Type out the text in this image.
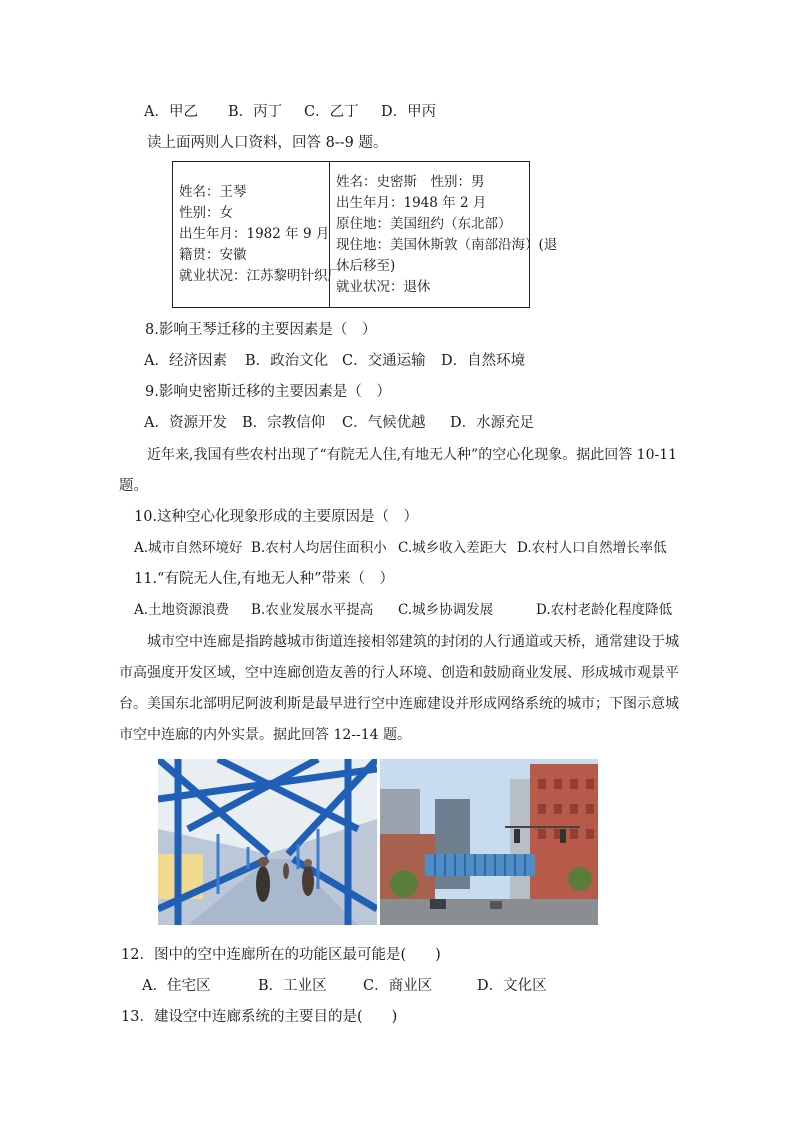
A．甲乙 B．丙丁 C．乙丁 D．甲丙
读上面两则人口资料，回答 8--9 题。
姓名：王琴
性别：女
出生年月：1982 年 9 月
籍贯：安徽
就业状况：江苏黎明针织厂
姓名：史密斯　性别：男
出生年月：1948 年 2 月
原住地：美国纽约（东北部）
现住地：美国休斯敦（南部沿海）(退
休后移至)
就业状况：退休
8.影响王琴迁移的主要因素是（　）
A．经济因素 B．政治文化 C．交通运输 D．自然环境
9.影响史密斯迁移的主要因素是（　）
A．资源开发 B．宗教信仰 C．气候优越 D．水源充足
近年来,我国有些农村出现了“有院无人住,有地无人种”的空心化现象。据此回答 10-11
题。
10.这种空心化现象形成的主要原因是（　）
A.城市自然环境好 B.农村人均居住面积小 C.城乡收入差距大 D.农村人口自然增长率低
11.“有院无人住,有地无人种”带来（　）
A.土地资源浪费 B.农业发展水平提高 C.城乡协调发展	D.农村老龄化程度降低
城市空中连廊是指跨越城市街道连接相邻建筑的封闭的人行通道或天桥，通常建设于城
市高强度开发区域，空中连廊创造友善的行人环境、创造和鼓励商业发展、形成城市观景平
台。美国东北部明尼阿波利斯是最早进行空中连廊建设并形成网络系统的城市；下图示意城
市空中连廊的内外实景。据此回答 12--14 题。
12．图中的空中连廊所在的功能区最可能是(　　)
A．住宅区	B．工业区	C．商业区	D．文化区
13．建设空中连廊系统的主要目的是(　　)
